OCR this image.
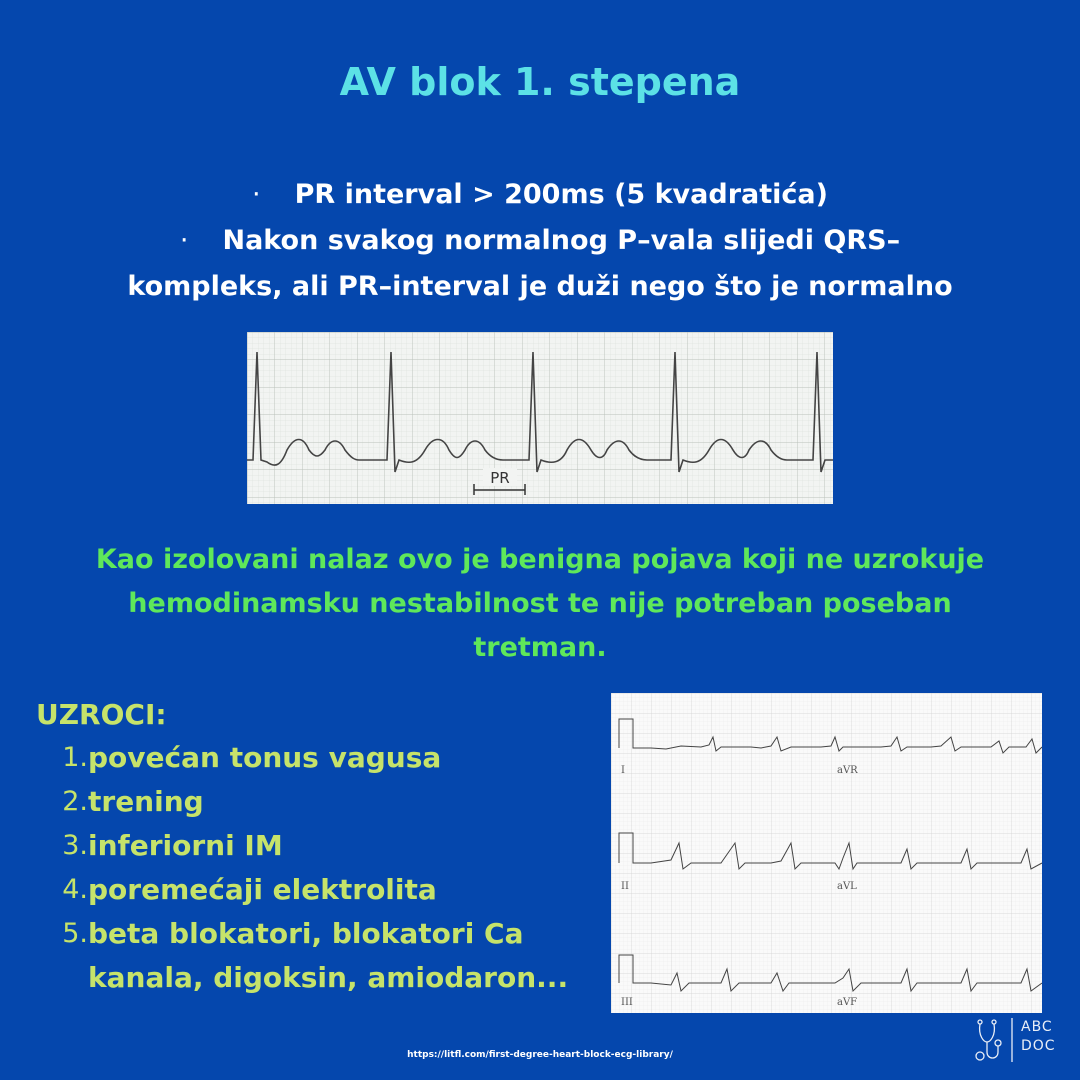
AV blok 1. stepena
· PR interval > 200ms (5 kvadratića)
· Nakon svakog normalnog P–vala slijedi QRS–
kompleks, ali PR–interval je duži nego što je normalno
PR
Kao izolovani nalaz ovo je benigna pojava koji ne uzrokuje
hemodinamsku nestabilnost te nije potreban poseban
tretman.
UZROCI:
1. povećan tonus vagusa
2. trening
3. inferiorni IM
4. poremećaji elektrolita
5. beta blokatori, blokatori Ca
kanala, digoksin, amiodaron...
I	aVR
II	aVL
III	aVF
ABC
DOC
https://litfl.com/first-degree-heart-block-ecg-library/
